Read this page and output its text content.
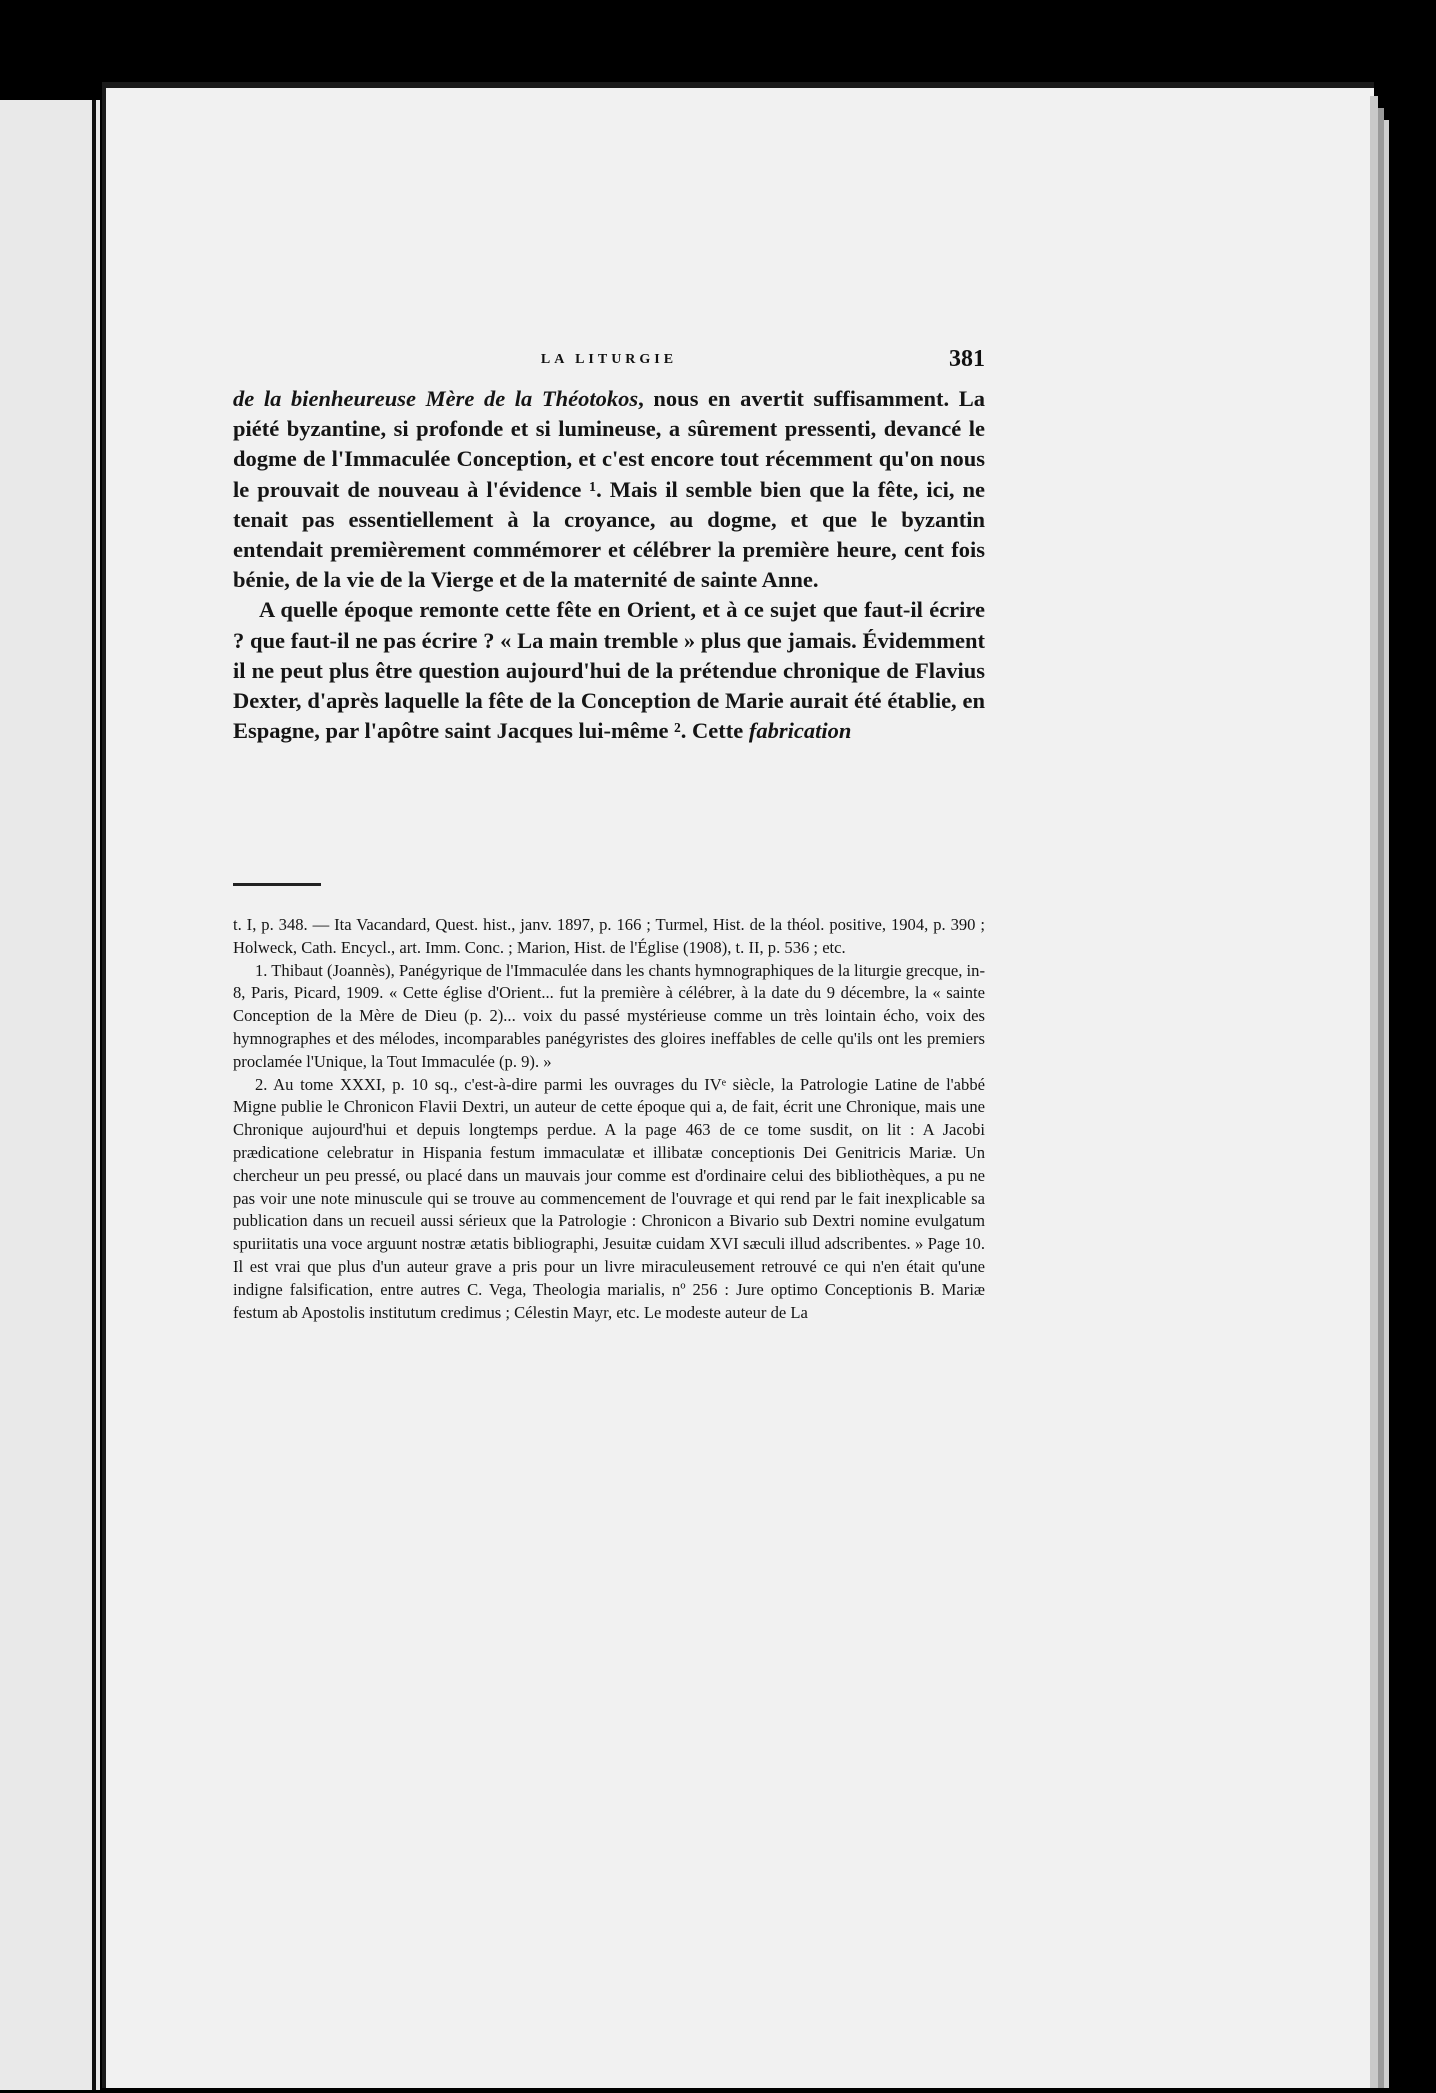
LA LITURGIE	381

de la bienheureuse Mère de la Théotokos, nous en avertit suffisamment. La piété byzantine, si profonde et si lumineuse, a sûrement pressenti, devancé le dogme de l'Immaculée Conception, et c'est encore tout récemment qu'on nous le prouvait de nouveau à l'évidence ¹. Mais il semble bien que la fête, ici, ne tenait pas essentiellement à la croyance, au dogme, et que le byzantin entendait premièrement commémorer et célébrer la première heure, cent fois bénie, de la vie de la Vierge et de la maternité de sainte Anne.

A quelle époque remonte cette fête en Orient, et à ce sujet que faut-il écrire ? que faut-il ne pas écrire ? « La main tremble » plus que jamais. Évidemment il ne peut plus être question aujourd'hui de la prétendue chronique de Flavius Dexter, d'après laquelle la fête de la Conception de Marie aurait été établie, en Espagne, par l'apôtre saint Jacques lui-même ². Cette fabrication

t. I, p. 348. — Ita Vacandard, Quest. hist., janv. 1897, p. 166 ; Turmel, Hist. de la théol. positive, 1904, p. 390 ; Holweck, Cath. Encycl., art. Imm. Conc. ; Marion, Hist. de l'Église (1908), t. II, p. 536 ; etc.

1. Thibaut (Joannès), Panégyrique de l'Immaculée dans les chants hymnographiques de la liturgie grecque, in-8, Paris, Picard, 1909. « Cette église d'Orient... fut la première à célébrer, à la date du 9 décembre, la « sainte Conception de la Mère de Dieu (p. 2)... voix du passé mystérieuse comme un très lointain écho, voix des hymnographes et des mélodes, incomparables panégyristes des gloires ineffables de celle qu'ils ont les premiers proclamée l'Unique, la Tout Immaculée (p. 9). »

2. Au tome XXXI, p. 10 sq., c'est-à-dire parmi les ouvrages du IVᵉ siècle, la Patrologie Latine de l'abbé Migne publie le Chronicon Flavii Dextri, un auteur de cette époque qui a, de fait, écrit une Chronique, mais une Chronique aujourd'hui et depuis longtemps perdue. A la page 463 de ce tome susdit, on lit : A Jacobi prædicatione celebratur in Hispania festum immaculatæ et illibatæ conceptionis Dei Genitricis Mariæ. Un chercheur un peu pressé, ou placé dans un mauvais jour comme est d'ordinaire celui des bibliothèques, a pu ne pas voir une note minuscule qui se trouve au commencement de l'ouvrage et qui rend par le fait inexplicable sa publication dans un recueil aussi sérieux que la Patrologie : Chronicon a Bivario sub Dextri nomine evulgatum spuriitatis una voce arguunt nostræ ætatis bibliographi, Jesuitæ cuidam XVI sæculi illud adscribentes. » Page 10. Il est vrai que plus d'un auteur grave a pris pour un livre miraculeusement retrouvé ce qui n'en était qu'une indigne falsification, entre autres C. Vega, Theologia marialis, nº 256 : Jure optimo Conceptionis B. Mariæ festum ab Apostolis institutum credimus ; Célestin Mayr, etc. Le modeste auteur de La
